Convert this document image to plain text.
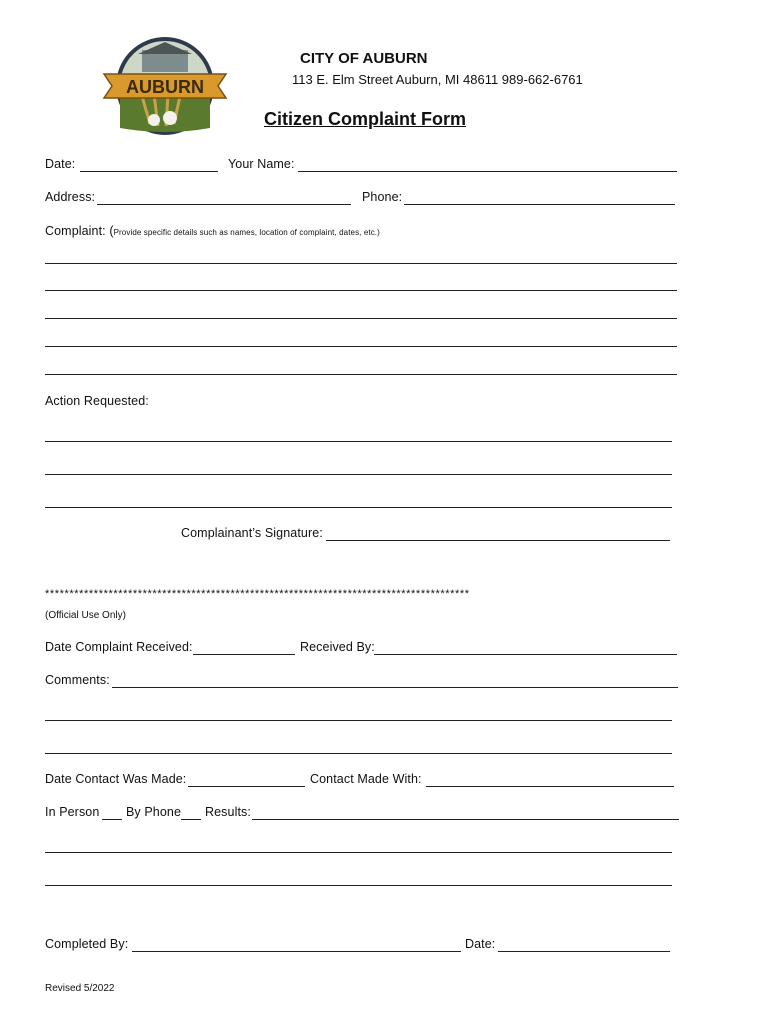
AUBURN
CITY OF AUBURN
113 E. Elm Street Auburn, MI 48611 989-662-6761
Citizen Complaint Form
Date:	Your Name:
Address:	Phone:
Complaint: (Provide specific details such as names, location of complaint, dates, etc.)
Action Requested:
Complainant’s Signature:
***************************************************************************************
(Official Use Only)
Date Complaint Received:	Received By:
Comments:
Date Contact Was Made:	Contact Made With:
In Person By Phone Results:
Completed By:	Date:
Revised 5/2022
